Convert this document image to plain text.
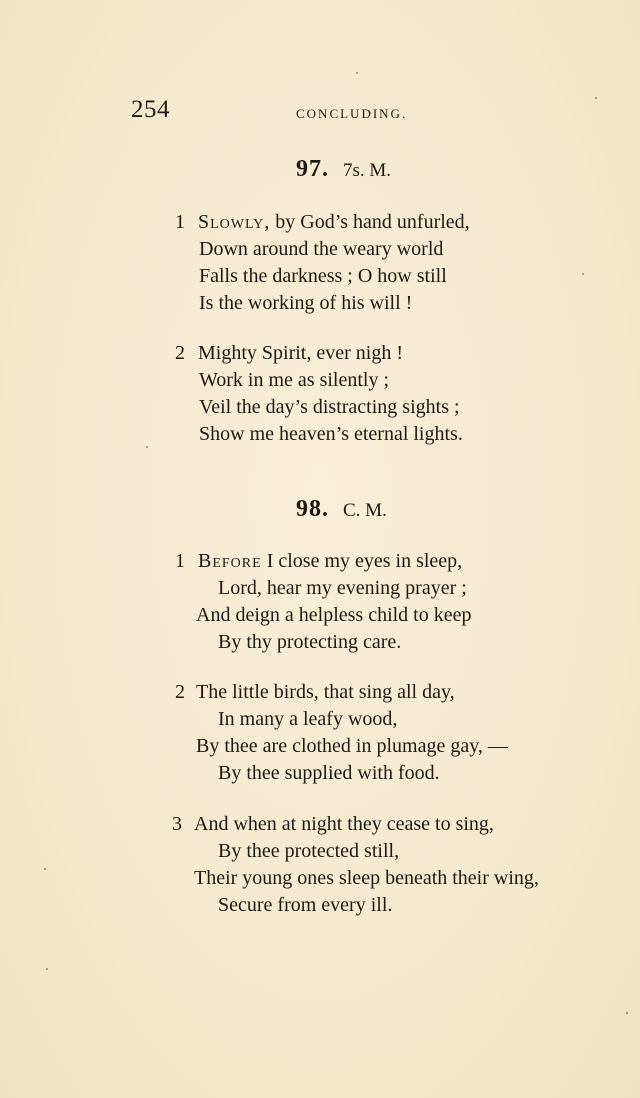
254	CONCLUDING.
97. 7s. M.
1 Slowly, by God’s hand unfurled,
Down around the weary world
Falls the darkness ; O how still
Is the working of his will !
2 Mighty Spirit, ever nigh !
Work in me as silently ;
Veil the day’s distracting sights ;
Show me heaven’s eternal lights.
98. C. M.
1 Before I close my eyes in sleep,
Lord, hear my evening prayer ;
And deign a helpless child to keep
By thy protecting care.
2 The little birds, that sing all day,
In many a leafy wood,
By thee are clothed in plumage gay, —
By thee supplied with food.
3 And when at night they cease to sing,
By thee protected still,
Their young ones sleep beneath their wing,
Secure from every ill.
